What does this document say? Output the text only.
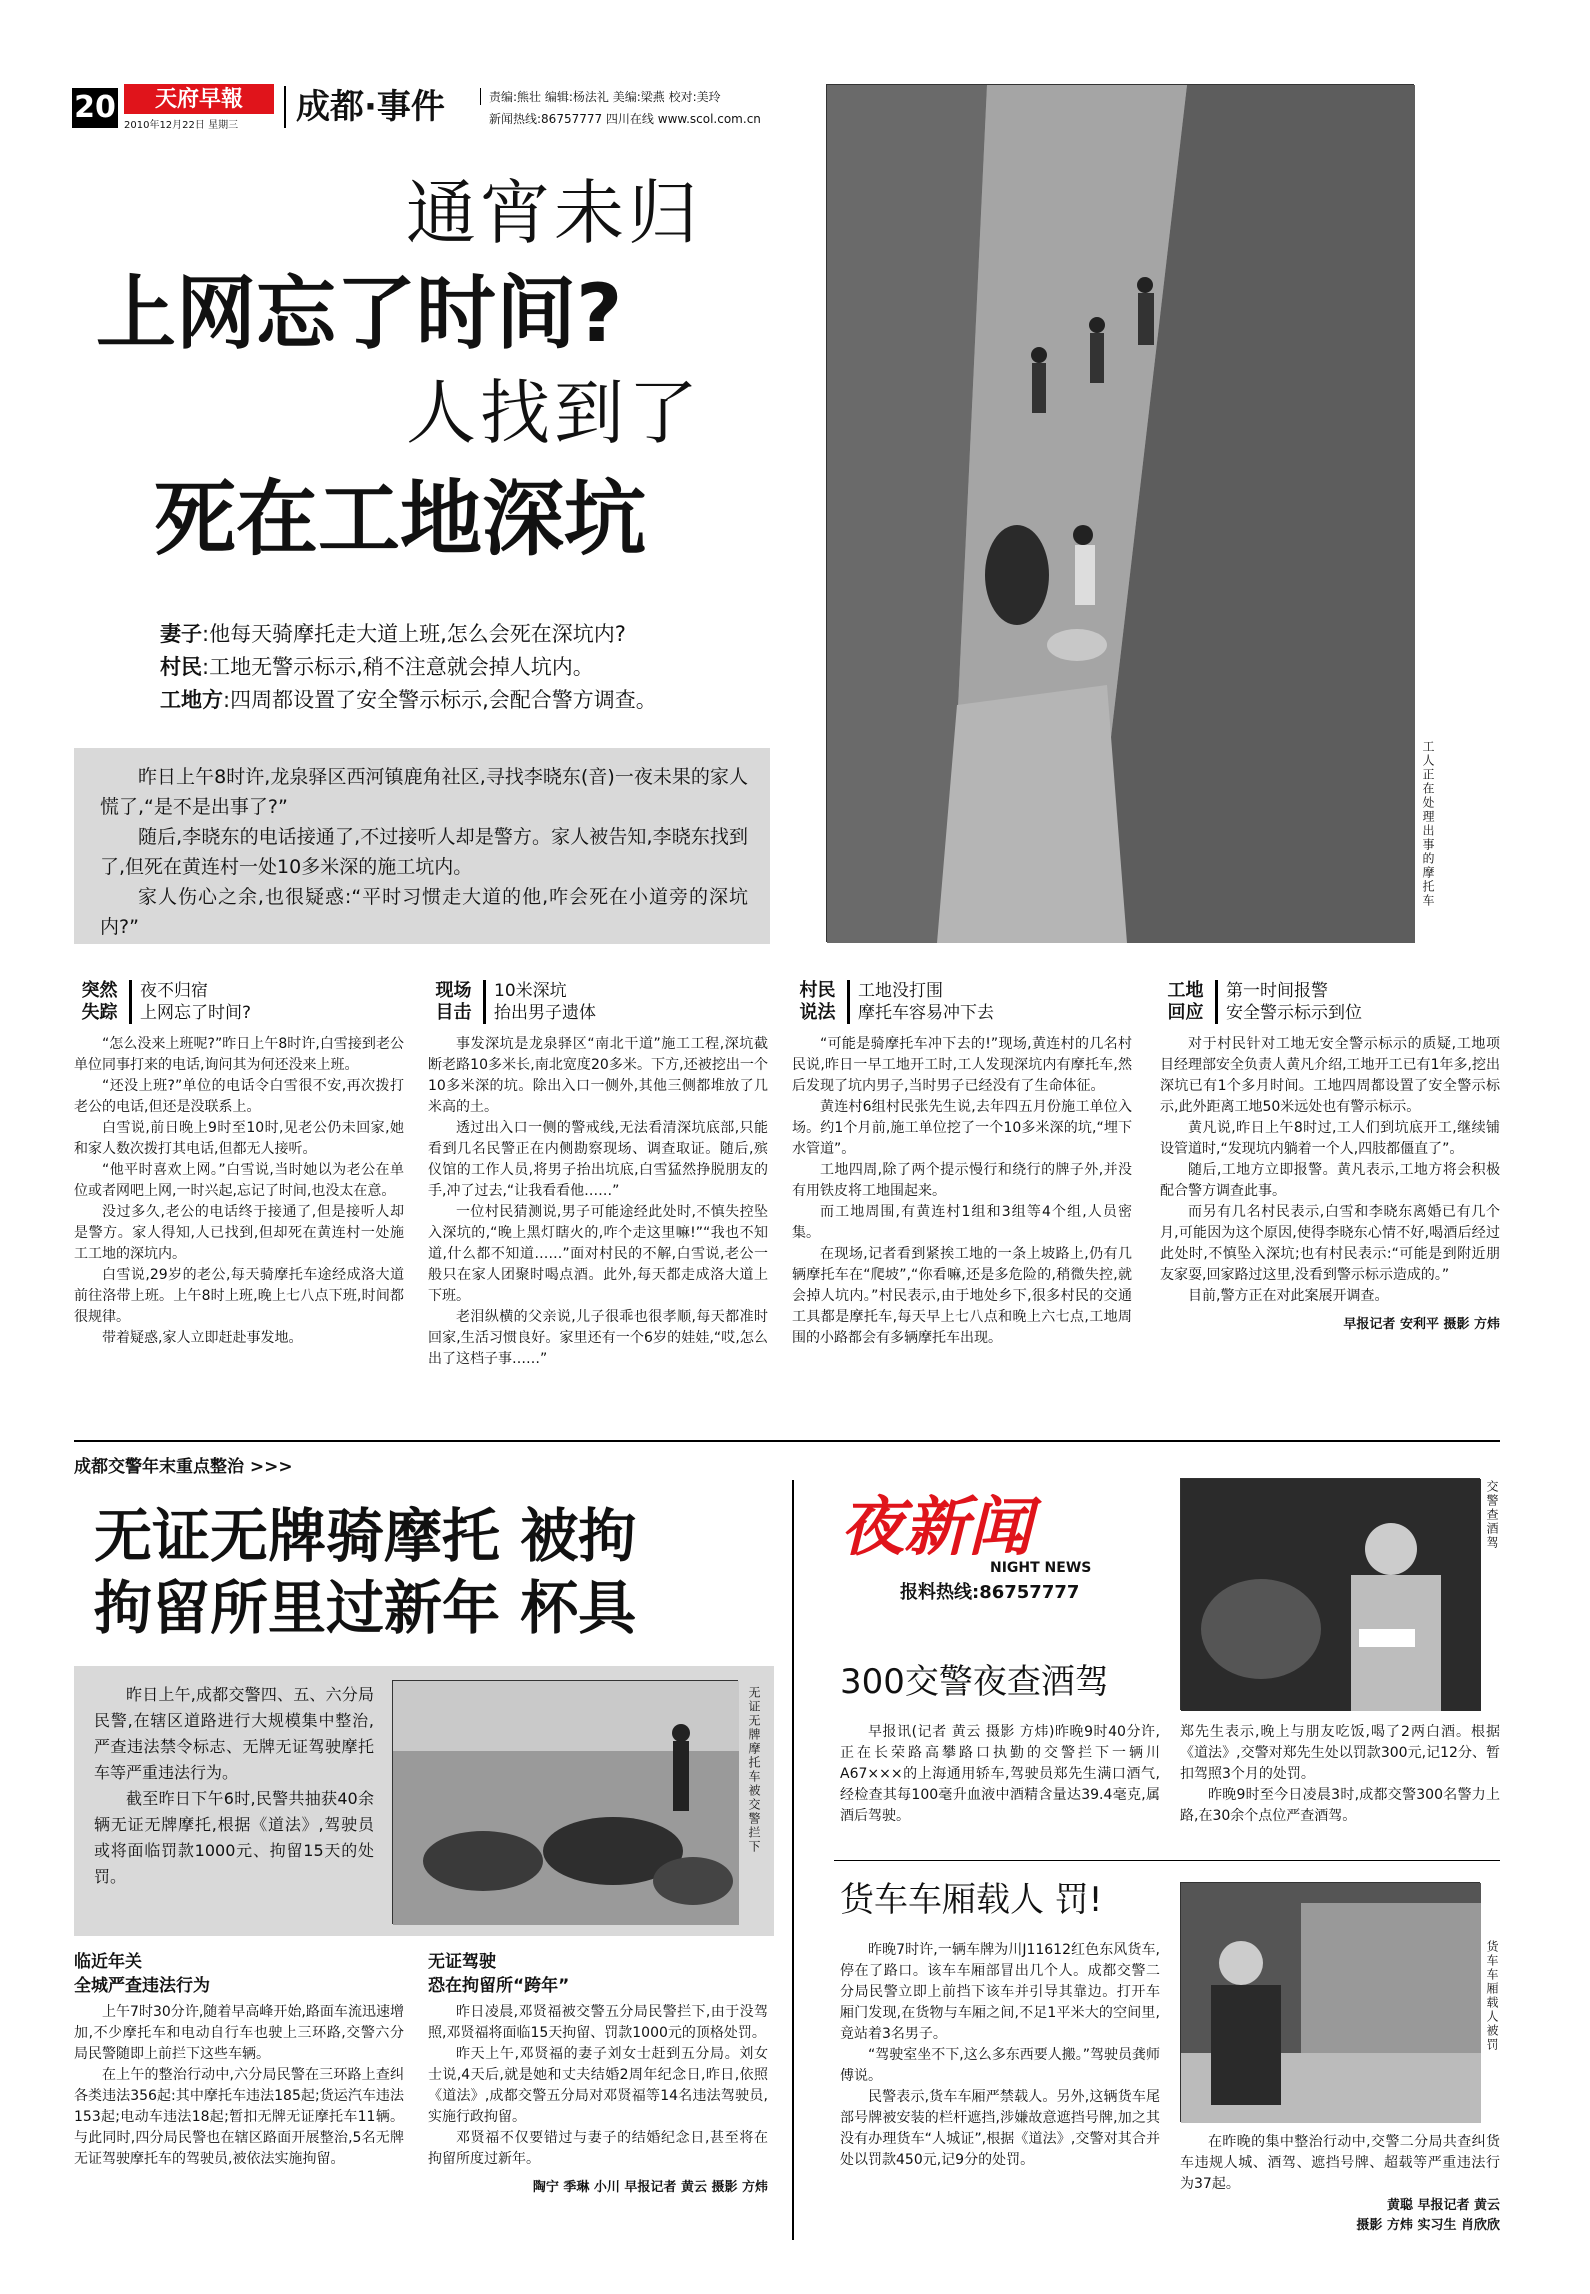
20	天府早報
2010年12月22日 星期三	成都·事件	责编:熊壮 编辑:杨法礼 美编:梁燕 校对:美玲
新闻热线:86757777 四川在线 www.scol.com.cn
通宵未归
上网忘了时间?
人找到了
死在工地深坑
妻子:他每天骑摩托走大道上班,怎么会死在深坑内?
村民:工地无警示标示,稍不注意就会掉人坑内。
工地方:四周都设置了安全警示标示,会配合警方调查。

昨日上午8时许,龙泉驿区西河镇鹿角社区,寻找李晓东(音)一夜未果的家人慌了,“是不是出事了?”

随后,李晓东的电话接通了,不过接听人却是警方。家人被告知,李晓东找到了,但死在黄连村一处10多米深的施工坑内。

家人伤心之余,也很疑惑:“平时习惯走大道的他,咋会死在小道旁的深坑内?”

工人正在处理出事的摩托车
突然失踪
夜不归宿
上网忘了时间?

“怎么没来上班呢?”昨日上午8时许,白雪接到老公单位同事打来的电话,询问其为何还没来上班。

“还没上班?”单位的电话令白雪很不安,再次拨打老公的电话,但还是没联系上。

白雪说,前日晚上9时至10时,见老公仍未回家,她和家人数次拨打其电话,但都无人接听。

“他平时喜欢上网。”白雪说,当时她以为老公在单位或者网吧上网,一时兴起,忘记了时间,也没太在意。

没过多久,老公的电话终于接通了,但是接听人却是警方。家人得知,人已找到,但却死在黄连村一处施工工地的深坑内。

白雪说,29岁的老公,每天骑摩托车途经成洛大道前往洛带上班。上午8时上班,晚上七八点下班,时间都很规律。

带着疑惑,家人立即赶赴事发地。

现场目击
10米深坑
抬出男子遗体

事发深坑是龙泉驿区“南北干道”施工工程,深坑截断老路10多米长,南北宽度20多米。下方,还被挖出一个10多米深的坑。除出入口一侧外,其他三侧都堆放了几米高的土。

透过出入口一侧的警戒线,无法看清深坑底部,只能看到几名民警正在内侧勘察现场、调查取证。随后,殡仪馆的工作人员,将男子抬出坑底,白雪猛然挣脱朋友的手,冲了过去,“让我看看他……”

一位村民猜测说,男子可能途经此处时,不慎失控坠入深坑的,“晚上黑灯瞎火的,咋个走这里嘛!”“我也不知道,什么都不知道……”面对村民的不解,白雪说,老公一般只在家人团聚时喝点酒。此外,每天都走成洛大道上下班。

老泪纵横的父亲说,儿子很乖也很孝顺,每天都准时回家,生活习惯良好。家里还有一个6岁的娃娃,“哎,怎么出了这档子事……”

村民说法
工地没打围
摩托车容易冲下去

“可能是骑摩托车冲下去的!”现场,黄连村的几名村民说,昨日一早工地开工时,工人发现深坑内有摩托车,然后发现了坑内男子,当时男子已经没有了生命体征。

黄连村6组村民张先生说,去年四五月份施工单位入场。约1个月前,施工单位挖了一个10多米深的坑,“埋下水管道”。

工地四周,除了两个提示慢行和绕行的牌子外,并没有用铁皮将工地围起来。

而工地周围,有黄连村1组和3组等4个组,人员密集。

在现场,记者看到紧挨工地的一条上坡路上,仍有几辆摩托车在“爬坡”,“你看嘛,还是多危险的,稍微失控,就会掉人坑内。”村民表示,由于地处乡下,很多村民的交通工具都是摩托车,每天早上七八点和晚上六七点,工地周围的小路都会有多辆摩托车出现。

工地回应
第一时间报警
安全警示标示到位

对于村民针对工地无安全警示标示的质疑,工地项目经理部安全负责人黄凡介绍,工地开工已有1年多,挖出深坑已有1个多月时间。工地四周都设置了安全警示标示,此外距离工地50米远处也有警示标示。

黄凡说,昨日上午8时过,工人们到坑底开工,继续铺设管道时,“发现坑内躺着一个人,四肢都僵直了”。

随后,工地方立即报警。黄凡表示,工地方将会积极配合警方调查此事。

而另有几名村民表示,白雪和李晓东离婚已有几个月,可能因为这个原因,使得李晓东心情不好,喝酒后经过此处时,不慎坠入深坑;也有村民表示:“可能是到附近朋友家耍,回家路过这里,没看到警示标示造成的。”

目前,警方正在对此案展开调查。

早报记者 安利平 摄影 方炜
成都交警年末重点整治 >>>
无证无牌骑摩托 被拘
拘留所里过新年 杯具

昨日上午,成都交警四、五、六分局民警,在辖区道路进行大规模集中整治,严查违法禁令标志、无牌无证驾驶摩托车等严重违法行为。

截至昨日下午6时,民警共抽获40余辆无证无牌摩托,根据《道法》,驾驶员或将面临罚款1000元、拘留15天的处罚。

无证无牌摩托车被交警拦下
临近年关
全城严查违法行为

上午7时30分许,随着早高峰开始,路面车流迅速增加,不少摩托车和电动自行车也驶上三环路,交警六分局民警随即上前拦下这些车辆。

在上午的整治行动中,六分局民警在三环路上查纠各类违法356起:其中摩托车违法185起;货运汽车违法153起;电动车违法18起;暂扣无牌无证摩托车11辆。与此同时,四分局民警也在辖区路面开展整治,5名无牌无证驾驶摩托车的驾驶员,被依法实施拘留。

无证驾驶
恐在拘留所“跨年”

昨日凌晨,邓贤福被交警五分局民警拦下,由于没驾照,邓贤福将面临15天拘留、罚款1000元的顶格处罚。

昨天上午,邓贤福的妻子刘女士赶到五分局。刘女士说,4天后,就是她和丈夫结婚2周年纪念日,昨日,依照《道法》,成都交警五分局对邓贤福等14名违法驾驶员,实施行政拘留。

邓贤福不仅要错过与妻子的结婚纪念日,甚至将在拘留所度过新年。

陶宁 季琳 小川 早报记者 黄云 摄影 方炜
夜新闻
NIGHT NEWS
报料热线:86757777
交警查酒驾
300交警夜查酒驾

早报讯(记者 黄云 摄影 方炜)昨晚9时40分许,正在长荣路高攀路口执勤的交警拦下一辆川A67×××的上海通用轿车,驾驶员郑先生满口酒气,经检查其每100毫升血液中酒精含量达39.4毫克,属酒后驾驶。

郑先生表示,晚上与朋友吃饭,喝了2两白酒。根据《道法》,交警对郑先生处以罚款300元,记12分、暂扣驾照3个月的处罚。

昨晚9时至今日凌晨3时,成都交警300名警力上路,在30余个点位严查酒驾。

货车车厢载人 罚!

昨晚7时许,一辆车牌为川J11612红色东风货车,停在了路口。该车车厢部冒出几个人。成都交警二分局民警立即上前挡下该车并引导其靠边。打开车厢门发现,在货物与车厢之间,不足1平米大的空间里,竟站着3名男子。

“驾驶室坐不下,这么多东西要人搬。”驾驶员龚师傅说。

民警表示,货车车厢严禁载人。另外,这辆货车尾部号牌被安装的栏杆遮挡,涉嫌故意遮挡号牌,加之其没有办理货车“人城证”,根据《道法》,交警对其合并处以罚款450元,记9分的处罚。

货车车厢载人被罚

在昨晚的集中整治行动中,交警二分局共查纠货车违规人城、酒驾、遮挡号牌、超载等严重违法行为37起。

黄聪 早报记者 黄云
摄影 方炜 实习生 肖欣欣
